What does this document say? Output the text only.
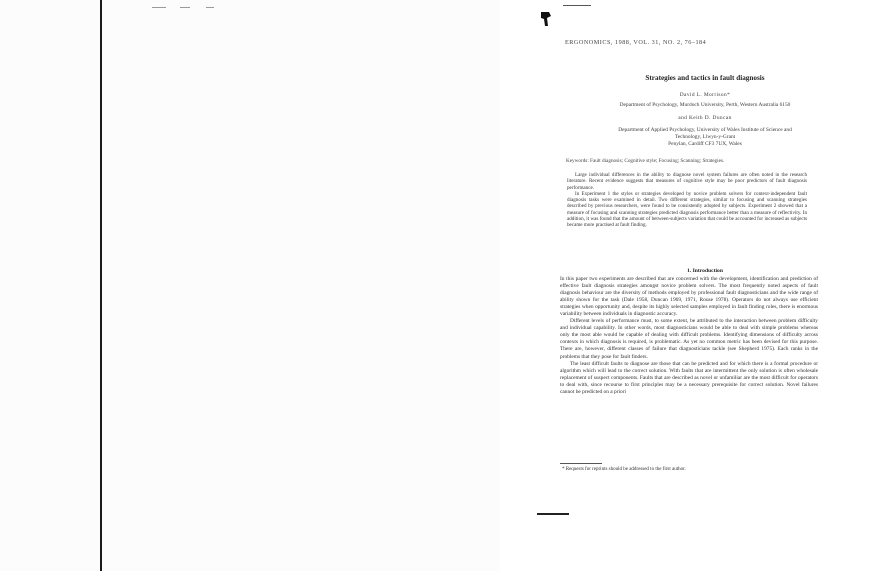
ERGONOMICS, 1988, VOL. 31, NO. 2, 76–184
Strategies and tactics in fault diagnosis
David L. Morrison*
Department of Psychology, Murdoch University, Perth, Western Australia 6150
and Keith D. Duncan
Department of Applied Psychology, University of Wales Institute of Science and
Technology, Llwyn-y-Grant
Penylan, Cardiff CF3 7UX, Wales
Keywords: Fault diagnosis; Cognitive style; Focusing; Scanning; Strategies.

Large individual differences in the ability to diagnose novel system failures are often noted in the research literature. Recent evidence suggests that measures of cognitive style may be poor predictors of fault diagnosis performance.

In Experiment 1 the styles or strategies developed by novice problem solvers for context-independent fault diagnosis tasks were examined in detail. Two different strategies, similar to focusing and scanning strategies described by previous researchers, were found to be consistently adopted by subjects. Experiment 2 showed that a measure of focusing and scanning strategies predicted diagnosis performance better than a measure of reflectivity. In addition, it was found that the amount of between-subjects variation that could be accounted for increased as subjects became more practised at fault finding.

1. Introduction

In this paper two experiments are described that are concerned with the development, identification and prediction of effective fault diagnosis strategies amongst novice problem solvers. The most frequently noted aspects of fault diagnosis behaviour are the diversity of methods employed by professional fault diagnosticians and the wide range of ability shown for the task (Dale 1958, Duncan 1969, 1971, Rouse 1978). Operators do not always use efficient strategies when opportunity and, despite its highly selected samples employed in fault finding roles, there is enormous variability between individuals in diagnostic accuracy.

Different levels of performance must, to some extent, be attributed to the interaction between problem difficulty and individual capability. In other words, most diagnosticians would be able to deal with simple problems whereas only the most able would be capable of dealing with difficult problems. Identifying dimensions of difficulty across contexts in which diagnosis is required, is problematic. As yet no common metric has been devised for this purpose. There are, however, different classes of failure that diagnosticians tackle (see Shepherd 1975). Each ranks in the problems that they pose for fault finders.

The least difficult faults to diagnose are those that can be predicted and for which there is a formal procedure or algorithm which will lead to the correct solution. With faults that are intermittent the only solution is often wholesale replacement of suspect components. Faults that are described as novel or unfamiliar are the most difficult for operators to deal with, since recourse to first principles may be a necessary prerequisite for correct solution. Novel failures cannot be predicted on a priori

* Requests for reprints should be addressed to the first author.
